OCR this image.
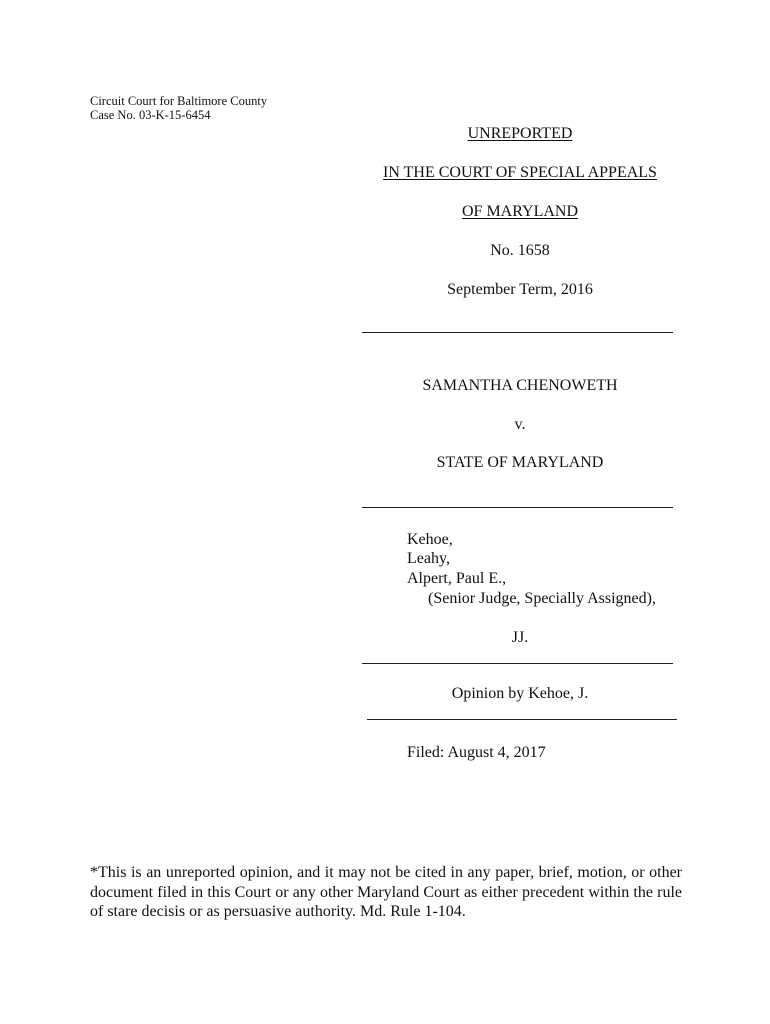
Circuit Court for Baltimore County
Case No. 03-K-15-6454
UNREPORTED
IN THE COURT OF SPECIAL APPEALS
OF MARYLAND
No. 1658
September Term, 2016
SAMANTHA CHENOWETH
v.
STATE OF MARYLAND
Kehoe,
Leahy,
Alpert, Paul E.,
(Senior Judge, Specially Assigned),
JJ.
Opinion by Kehoe, J.
Filed: August 4, 2017
*This is an unreported opinion, and it may not be cited in any paper, brief, motion, or other document filed in this Court or any other Maryland Court as either precedent within the rule of stare decisis or as persuasive authority. Md. Rule 1-104.
